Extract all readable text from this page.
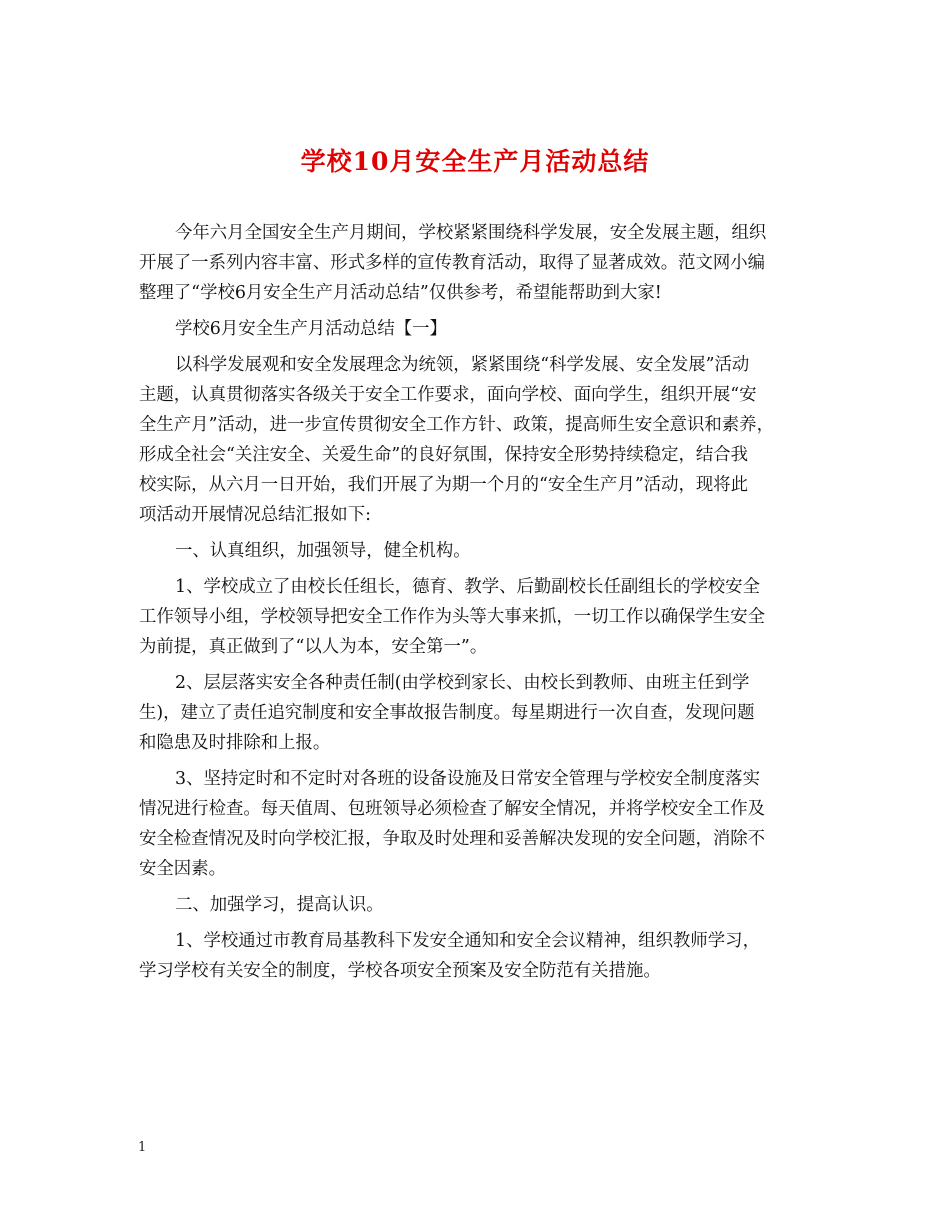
学校10月安全生产月活动总结
今年六月全国安全生产月期间，学校紧紧围绕科学发展，安全发展主题，组织
开展了一系列内容丰富、形式多样的宣传教育活动，取得了显著成效。范文网小编
整理了“学校6月安全生产月活动总结”仅供参考，希望能帮助到大家!
学校6月安全生产月活动总结【一】
以科学发展观和安全发展理念为统领，紧紧围绕“科学发展、安全发展”活动
主题，认真贯彻落实各级关于安全工作要求，面向学校、面向学生，组织开展“安
全生产月”活动，进一步宣传贯彻安全工作方针、政策，提高师生安全意识和素养，
形成全社会“关注安全、关爱生命”的良好氛围，保持安全形势持续稳定，结合我
校实际，从六月一日开始，我们开展了为期一个月的“安全生产月”活动，现将此
项活动开展情况总结汇报如下:
一、认真组织，加强领导，健全机构。
1、学校成立了由校长任组长，德育、教学、后勤副校长任副组长的学校安全
工作领导小组，学校领导把安全工作作为头等大事来抓，一切工作以确保学生安全
为前提，真正做到了“以人为本，安全第一”。
2、层层落实安全各种责任制(由学校到家长、由校长到教师、由班主任到学
生)，建立了责任追究制度和安全事故报告制度。每星期进行一次自查，发现问题
和隐患及时排除和上报。
3、坚持定时和不定时对各班的设备设施及日常安全管理与学校安全制度落实
情况进行检查。每天值周、包班领导必须检查了解安全情况，并将学校安全工作及
安全检查情况及时向学校汇报，争取及时处理和妥善解决发现的安全问题，消除不
安全因素。
二、加强学习，提高认识。
1、学校通过市教育局基教科下发安全通知和安全会议精神，组织教师学习，
学习学校有关安全的制度，学校各项安全预案及安全防范有关措施。
1
